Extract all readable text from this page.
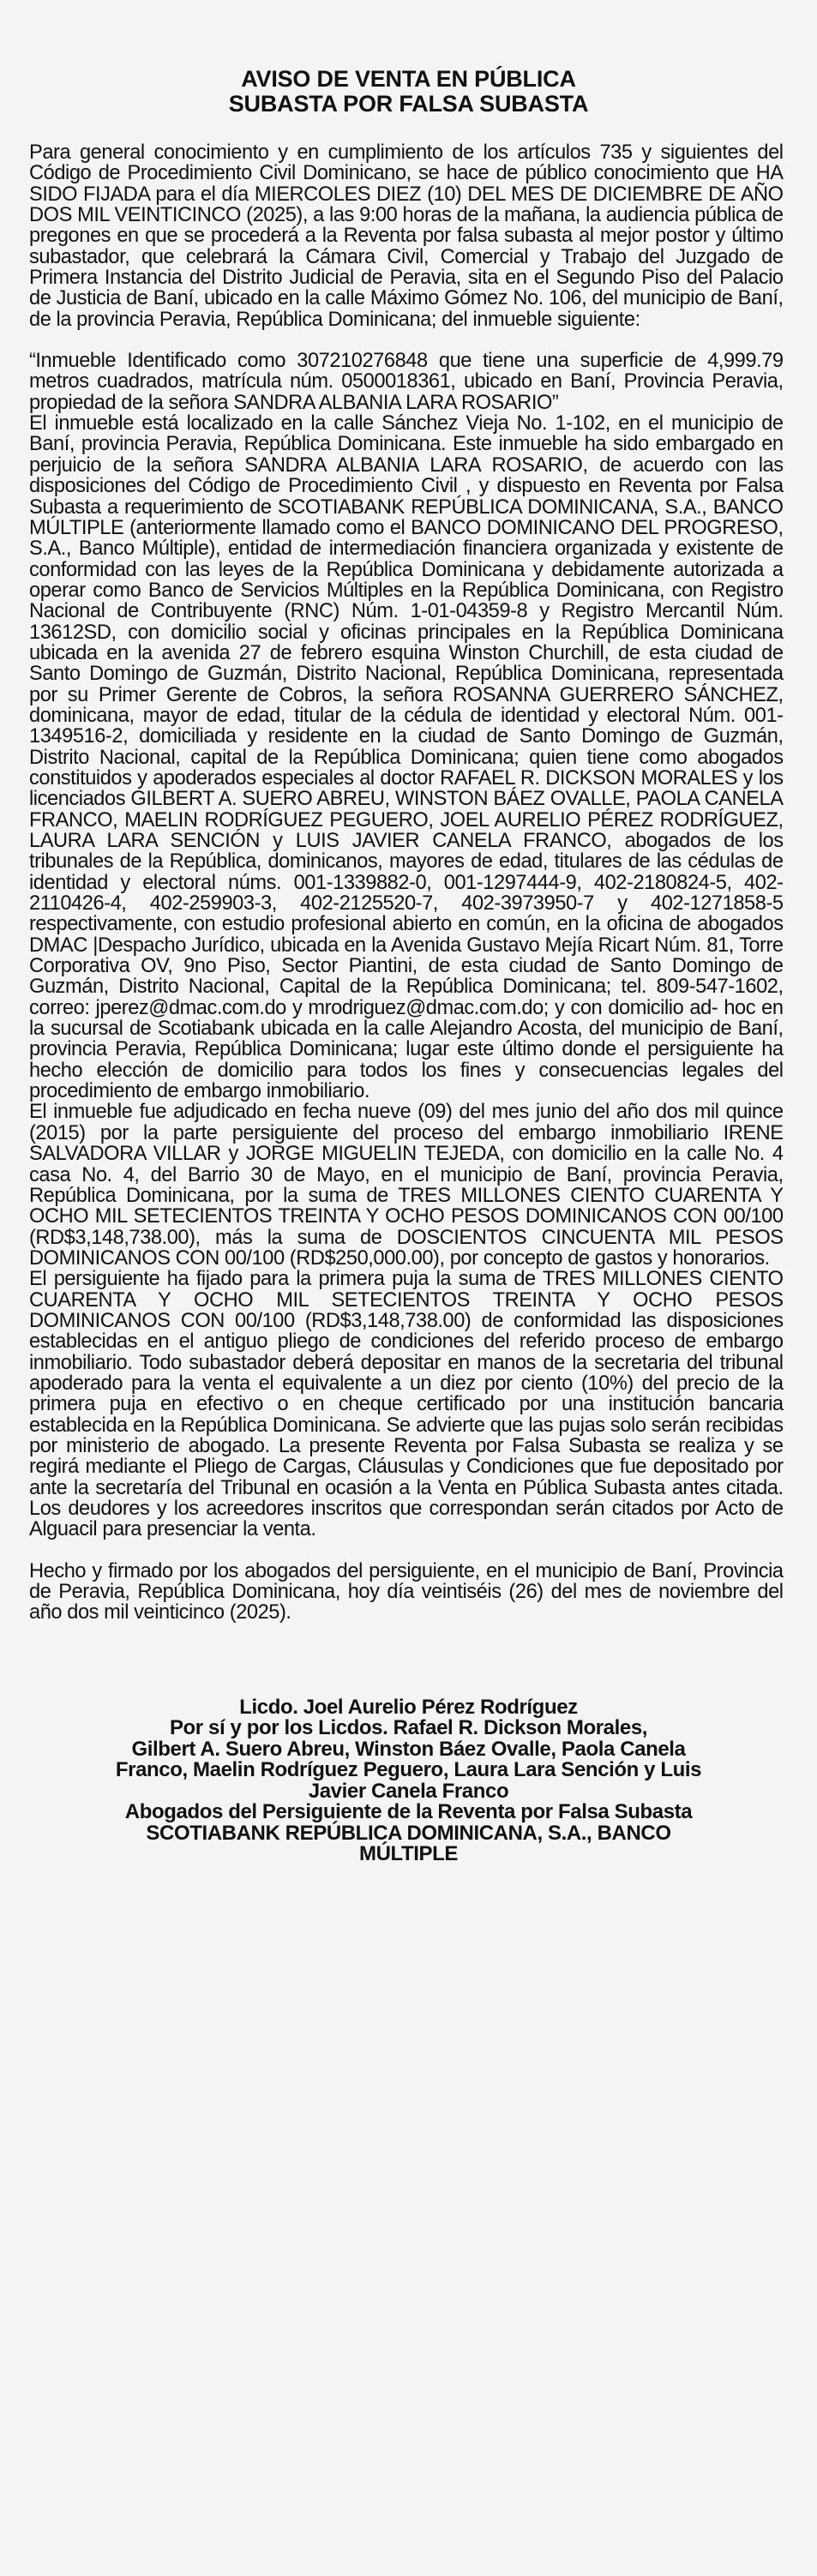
AVISO DE VENTA EN PÚBLICA
SUBASTA POR FALSA SUBASTA

Para general conocimiento y en cumplimiento de los artículos 735 y siguientes del Código de Procedimiento Civil Dominicano, se hace de público conocimiento que HA SIDO FIJADA para el día MIERCOLES DIEZ (10) DEL MES DE DICIEMBRE DE AÑO DOS MIL VEINTICINCO (2025), a las 9:00 horas de la mañana, la audiencia pública de pregones en que se procederá a la Reventa por falsa subasta al mejor postor y último subastador, que celebrará la Cámara Civil, Comercial y Trabajo del Juzgado de Primera Instancia del Distrito Judicial de Peravia, sita en el Segundo Piso del Palacio de Justicia de Baní, ubicado en la calle Máximo Gómez No. 106, del municipio de Baní, de la provincia Peravia, República Dominicana; del inmueble siguiente:

“Inmueble Identificado como 307210276848 que tiene una superficie de 4,999.79 metros cuadrados, matrícula núm. 0500018361, ubicado en Baní, Provincia Peravia, propiedad de la señora SANDRA ALBANIA LARA ROSARIO”

El inmueble está localizado en la calle Sánchez Vieja No. 1-102, en el municipio de Baní, provincia Peravia, República Dominicana. Este inmueble ha sido embargado en perjuicio de la señora SANDRA ALBANIA LARA ROSARIO, de acuerdo con las disposiciones del Código de Procedimiento Civil , y dispuesto en Reventa por Falsa Subasta a requerimiento de SCOTIABANK REPÚBLICA DOMINICANA, S.A., BANCO MÚLTIPLE (anteriormente llamado como el BANCO DOMINICANO DEL PROGRESO, S.A., Banco Múltiple), entidad de intermediación financiera organizada y existente de conformidad con las leyes de la República Dominicana y debidamente autorizada a operar como Banco de Servicios Múltiples en la República Dominicana, con Registro Nacional de Contribuyente (RNC) Núm. 1-01-04359-8 y Registro Mercantil Núm. 13612SD, con domicilio social y oficinas principales en la República Dominicana ubicada en la avenida 27 de febrero esquina Winston Churchill, de esta ciudad de Santo Domingo de Guzmán, Distrito Nacional, República Dominicana, representada por su Primer Gerente de Cobros, la señora ROSANNA GUERRERO SÁNCHEZ, dominicana, mayor de edad, titular de la cédula de identidad y electoral Núm. 001-1349516-2, domiciliada y residente en la ciudad de Santo Domingo de Guzmán, Distrito Nacional, capital de la República Dominicana; quien tiene como abogados constituidos y apoderados especiales al doctor RAFAEL R. DICKSON MORALES y los licenciados GILBERT A. SUERO ABREU, WINSTON BÁEZ OVALLE, PAOLA CANELA FRANCO, MAELIN RODRÍGUEZ PEGUERO, JOEL AURELIO PÉREZ RODRÍGUEZ, LAURA LARA SENCIÓN y LUIS JAVIER CANELA FRANCO, abogados de los tribunales de la República, dominicanos, mayores de edad, titulares de las cédulas de identidad y electoral núms. 001-1339882-0, 001-1297444-9, 402-2180824-5, 402-2110426-4, 402-259903-3, 402-2125520-7, 402-3973950-7 y 402-1271858-5 respectivamente, con estudio profesional abierto en común, en la oficina de abogados DMAC |Despacho Jurídico, ubicada en la Avenida Gustavo Mejía Ricart Núm. 81, Torre Corporativa OV, 9no Piso, Sector Piantini, de esta ciudad de Santo Domingo de Guzmán, Distrito Nacional, Capital de la República Dominicana; tel. 809-547-1602, correo: jperez@dmac.com.do y mrodriguez@dmac.com.do; y con domicilio ad- hoc en la sucursal de Scotiabank ubicada en la calle Alejandro Acosta, del municipio de Baní, provincia Peravia, República Dominicana; lugar este último donde el persiguiente ha hecho elección de domicilio para todos los fines y consecuencias legales del procedimiento de embargo inmobiliario.

El inmueble fue adjudicado en fecha nueve (09) del mes junio del año dos mil quince (2015) por la parte persiguiente del proceso del embargo inmobiliario IRENE SALVADORA VILLAR y JORGE MIGUELIN TEJEDA, con domicilio en la calle No. 4 casa No. 4, del Barrio 30 de Mayo, en el municipio de Baní, provincia Peravia, República Dominicana, por la suma de TRES MILLONES CIENTO CUARENTA Y OCHO MIL SETECIENTOS TREINTA Y OCHO PESOS DOMINICANOS CON 00/100 (RD$3,148,738.00), más la suma de DOSCIENTOS CINCUENTA MIL PESOS DOMINICANOS CON 00/100 (RD$250,000.00), por concepto de gastos y honorarios.

El persiguiente ha fijado para la primera puja la suma de TRES MILLONES CIENTO CUARENTA Y OCHO MIL SETECIENTOS TREINTA Y OCHO PESOS DOMINICANOS CON 00/100 (RD$3,148,738.00) de conformidad las disposiciones establecidas en el antiguo pliego de condiciones del referido proceso de embargo inmobiliario. Todo subastador deberá depositar en manos de la secretaria del tribunal apoderado para la venta el equivalente a un diez por ciento (10%) del precio de la primera puja en efectivo o en cheque certificado por una institución bancaria establecida en la República Dominicana. Se advierte que las pujas solo serán recibidas por ministerio de abogado. La presente Reventa por Falsa Subasta se realiza y se regirá mediante el Pliego de Cargas, Cláusulas y Condiciones que fue depositado por ante la secretaría del Tribunal en ocasión a la Venta en Pública Subasta antes citada. Los deudores y los acreedores inscritos que correspondan serán citados por Acto de Alguacil para presenciar la venta.

Hecho y firmado por los abogados del persiguiente, en el municipio de Baní, Provincia de Peravia, República Dominicana, hoy día veintiséis (26) del mes de noviembre del año dos mil veinticinco (2025).

Licdo. Joel Aurelio Pérez Rodríguez
Por sí y por los Licdos. Rafael R. Dickson Morales,
Gilbert A. Suero Abreu, Winston Báez Ovalle, Paola Canela
Franco, Maelin Rodríguez Peguero, Laura Lara Sención y Luis
Javier Canela Franco
Abogados del Persiguiente de la Reventa por Falsa Subasta
SCOTIABANK REPÚBLICA DOMINICANA, S.A., BANCO
MÚLTIPLE
